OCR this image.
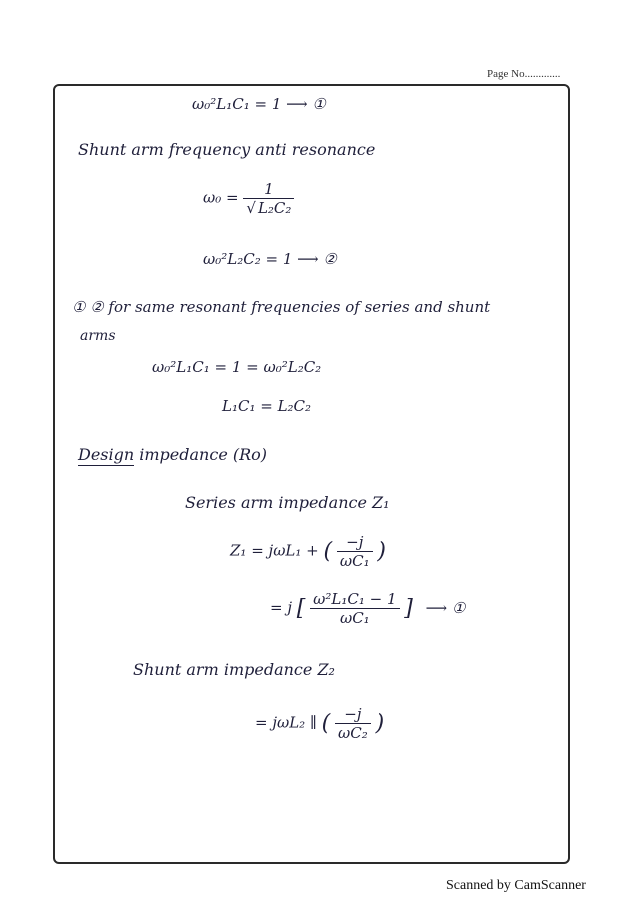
Page No.............
ω₀²L₁C₁ = 1 ⟶ ①
Shunt arm frequency anti resonance
$\omega_0 = \frac{1}{\text{√ L₂C₂}}$
ω₀²L₂C₂ = 1 ⟶ ②
① ② for same resonant frequencies of series and shunt
arms
ω₀²L₁C₁ = 1 = ω₀²L₂C₂
L₁C₁ = L₂C₂
Design impedance (Ro)
Series arm impedance Z₁
Z₁ = jωL₁ + ( $\frac{-j}{\text{ωC₁}}$ )
= j [ $\frac{\text{ω²L₁C₁ − 1}}{\text{ωC₁}}$ ] ⟶ ①
Shunt arm impedance Z₂
= jωL₂ ∥ ( $\frac{-j}{\text{ωC₂}}$ )
Scanned by CamScanner
